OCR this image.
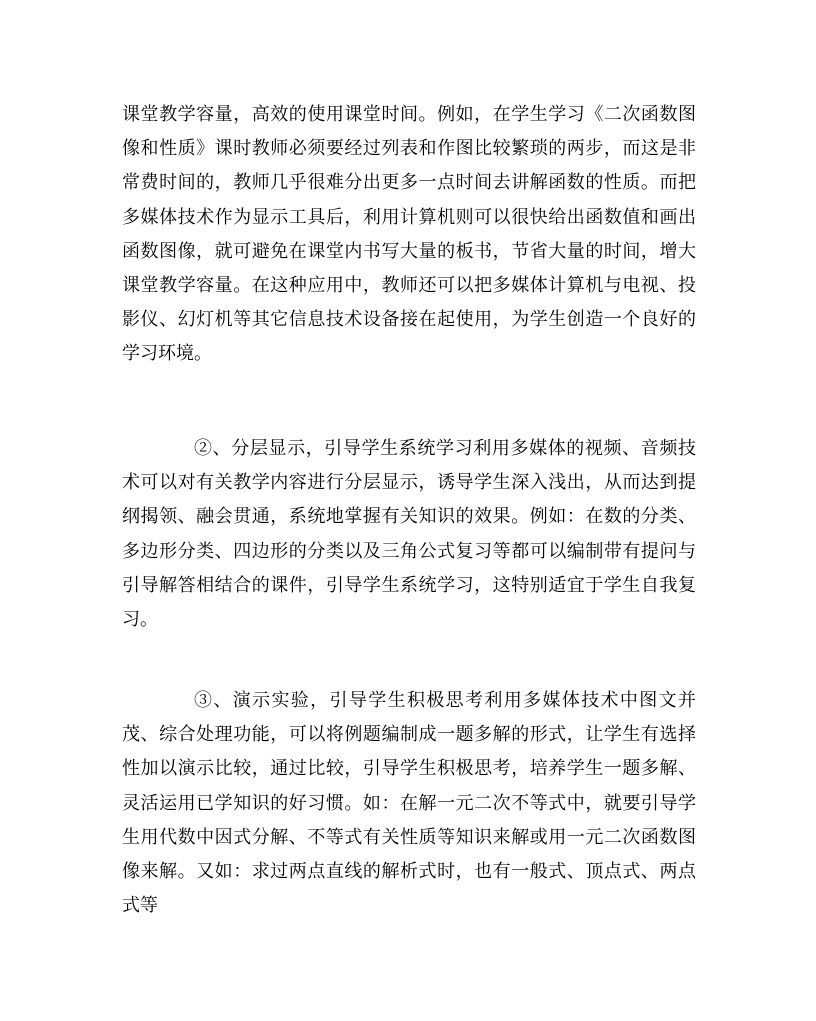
课堂教学容量，高效的使用课堂时间。例如，在学生学习《二次函数图像和性质》课时教师必须要经过列表和作图比较繁琐的两步，而这是非常费时间的，教师几乎很难分出更多一点时间去讲解函数的性质。而把多媒体技术作为显示工具后，利用计算机则可以很快给出函数值和画出函数图像，就可避免在课堂内书写大量的板书，节省大量的时间，增大课堂教学容量。在这种应用中，教师还可以把多媒体计算机与电视、投影仪、幻灯机等其它信息技术设备接在起使用，为学生创造一个良好的学习环境。

②、分层显示，引导学生系统学习利用多媒体的视频、音频技术可以对有关教学内容进行分层显示，诱导学生深入浅出，从而达到提纲揭领、融会贯通，系统地掌握有关知识的效果。例如：在数的分类、多边形分类、四边形的分类以及三角公式复习等都可以编制带有提问与引导解答相结合的课件，引导学生系统学习，这特别适宜于学生自我复习。

③、演示实验，引导学生积极思考利用多媒体技术中图文并茂、综合处理功能，可以将例题编制成一题多解的形式，让学生有选择性加以演示比较，通过比较，引导学生积极思考，培养学生一题多解、灵活运用已学知识的好习惯。如：在解一元二次不等式中，就要引导学生用代数中因式分解、不等式有关性质等知识来解或用一元二次函数图像来解。又如：求过两点直线的解析式时，也有一般式、顶点式、两点式等
